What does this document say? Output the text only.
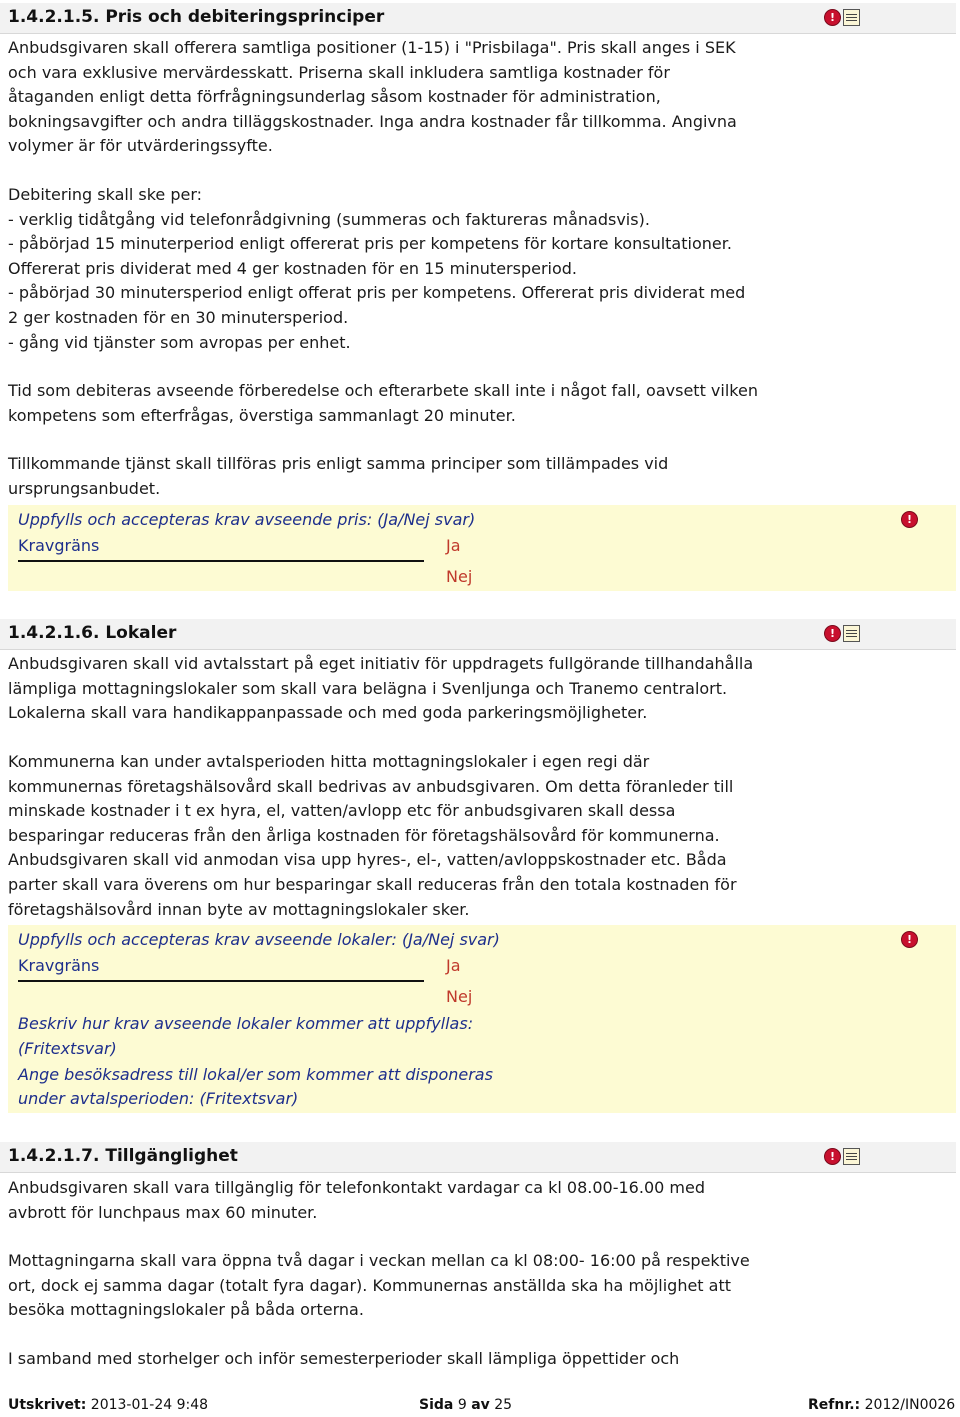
1.4.2.1.5. Pris och debiteringsprinciper	!
Anbudsgivaren skall offerera samtliga positioner (1-15) i "Prisbilaga". Pris skall anges i SEK
och vara exklusive mervärdesskatt. Priserna skall inkludera samtliga kostnader för
åtaganden enligt detta förfrågningsunderlag såsom kostnader för administration,
bokningsavgifter och andra tilläggskostnader. Inga andra kostnader får tillkomma. Angivna
volymer är för utvärderingssyfte.
Debitering skall ske per:
- verklig tidåtgång vid telefonrådgivning (summeras och faktureras månadsvis).
- påbörjad 15 minuterperiod enligt offererat pris per kompetens för kortare konsultationer.
Offererat pris dividerat med 4 ger kostnaden för en 15 minutersperiod.
- påbörjad 30 minutersperiod enligt offerat pris per kompetens. Offererat pris dividerat med
2 ger kostnaden för en 30 minutersperiod.
- gång vid tjänster som avropas per enhet.
Tid som debiteras avseende förberedelse och efterarbete skall inte i något fall, oavsett vilken
kompetens som efterfrågas, överstiga sammanlagt 20 minuter.
Tillkommande tjänst skall tillföras pris enligt samma principer som tillämpades vid
ursprungsanbudet.
Uppfylls och accepteras krav avseende pris: (Ja/Nej svar)
Kravgräns	Ja
Nej
!
1.4.2.1.6. Lokaler	!
Anbudsgivaren skall vid avtalsstart på eget initiativ för uppdragets fullgörande tillhandahålla
lämpliga mottagningslokaler som skall vara belägna i Svenljunga och Tranemo centralort.
Lokalerna skall vara handikappanpassade och med goda parkeringsmöjligheter.
Kommunerna kan under avtalsperioden hitta mottagningslokaler i egen regi där
kommunernas företagshälsovård skall bedrivas av anbudsgivaren. Om detta föranleder till
minskade kostnader i t ex hyra, el, vatten/avlopp etc för anbudsgivaren skall dessa
besparingar reduceras från den årliga kostnaden för företagshälsovård för kommunerna.
Anbudsgivaren skall vid anmodan visa upp hyres-, el-, vatten/avloppskostnader etc. Båda
parter skall vara överens om hur besparingar skall reduceras från den totala kostnaden för
företagshälsovård innan byte av mottagningslokaler sker.
Uppfylls och accepteras krav avseende lokaler: (Ja/Nej svar)
Kravgräns	Ja
Nej
Beskriv hur krav avseende lokaler kommer att uppfyllas:
(Fritextsvar)
Ange besöksadress till lokal/er som kommer att disponeras
under avtalsperioden: (Fritextsvar)
!
1.4.2.1.7. Tillgänglighet	!
Anbudsgivaren skall vara tillgänglig för telefonkontakt vardagar ca kl 08.00-16.00 med
avbrott för lunchpaus max 60 minuter.
Mottagningarna skall vara öppna två dagar i veckan mellan ca kl 08:00- 16:00 på respektive
ort, dock ej samma dagar (totalt fyra dagar). Kommunernas anställda ska ha möjlighet att
besöka mottagningslokaler på båda orterna.
I samband med storhelger och inför semesterperioder skall lämpliga öppettider och
Utskrivet: 2013-01-24 9:48	Sida 9 av 25	Refnr.: 2012/IN0026
